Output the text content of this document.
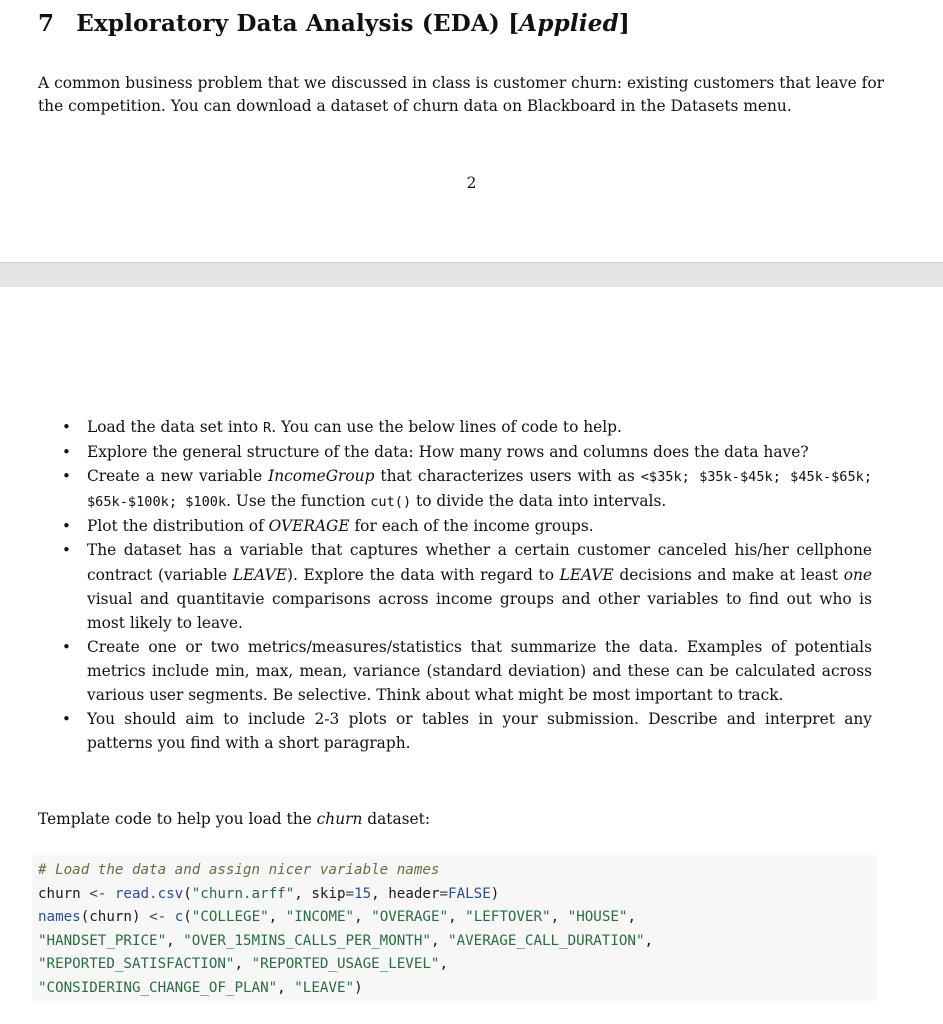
7 Exploratory Data Analysis (EDA) [Applied]

A common business problem that we discussed in class is customer churn: existing customers that leave for the competition. You can download a dataset of churn data on Blackboard in the Datasets menu.

2
• Load the data set into R. You can use the below lines of code to help.
• Explore the general structure of the data: How many rows and columns does the data have?
• Create a new variable IncomeGroup that characterizes users with as <$35k; $35k-$45k; $45k-$65k; $65k-$100k; $100k. Use the function cut() to divide the data into intervals.
• Plot the distribution of OVERAGE for each of the income groups.
• The dataset has a variable that captures whether a certain customer canceled his/her cellphone contract (variable LEAVE). Explore the data with regard to LEAVE decisions and make at least one visual and quantitavie comparisons across income groups and other variables to find out who is most likely to leave.
• Create one or two metrics/measures/statistics that summarize the data. Examples of potentials metrics include min, max, mean, variance (standard deviation) and these can be calculated across various user segments. Be selective. Think about what might be most important to track.
• You should aim to include 2-3 plots or tables in your submission. Describe and interpret any patterns you find with a short paragraph.

Template code to help you load the churn dataset:

# Load the data and assign nicer variable names
churn <- read.csv("churn.arff", skip=15, header=FALSE)
names(churn) <- c("COLLEGE", "INCOME", "OVERAGE", "LEFTOVER", "HOUSE",
"HANDSET_PRICE", "OVER_15MINS_CALLS_PER_MONTH", "AVERAGE_CALL_DURATION",
"REPORTED_SATISFACTION", "REPORTED_USAGE_LEVEL",
"CONSIDERING_CHANGE_OF_PLAN", "LEAVE")
